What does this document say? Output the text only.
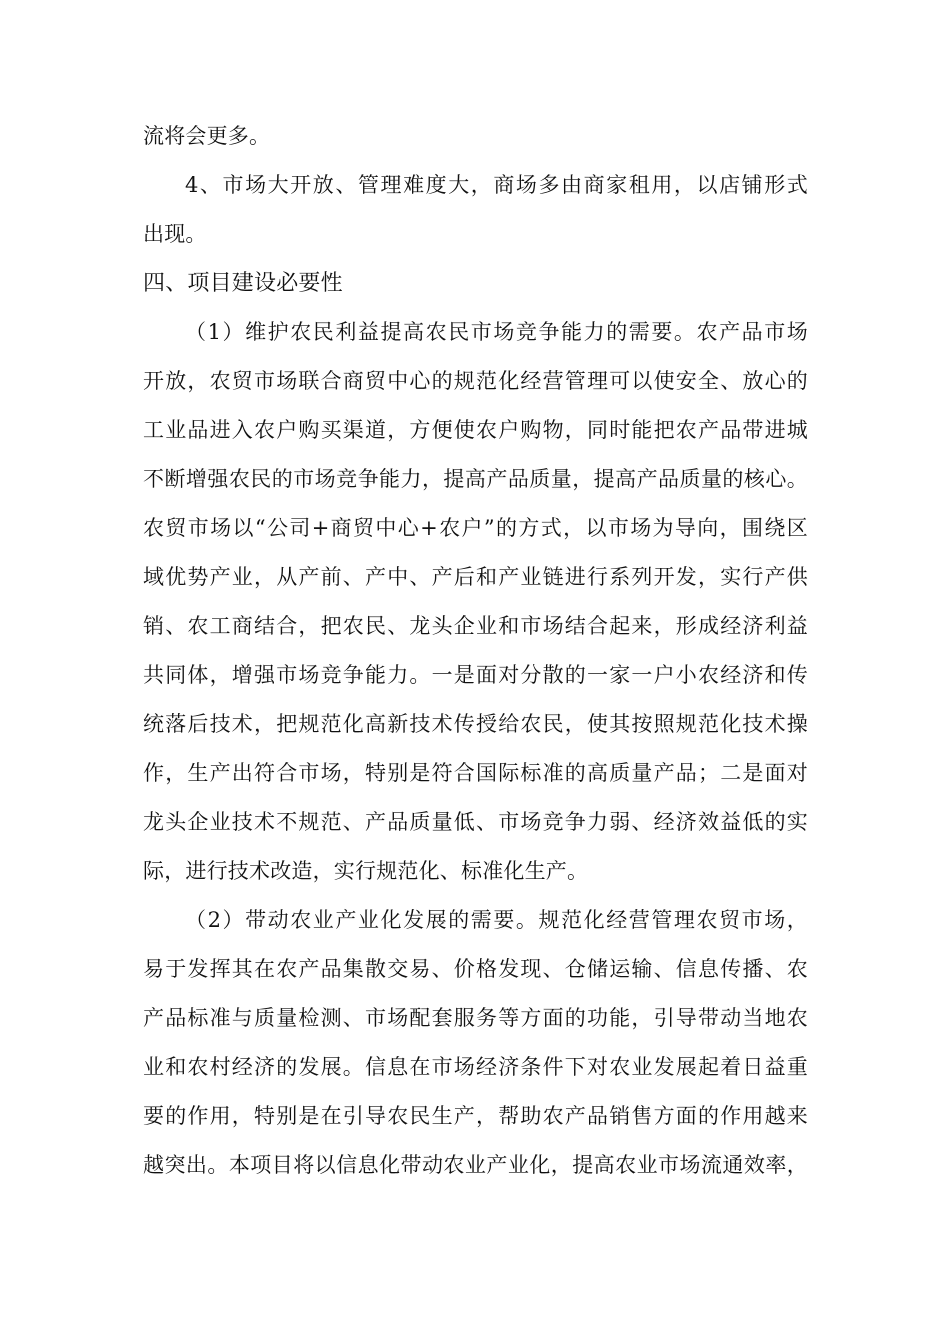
流将会更多。
4、市场大开放、管理难度大，商场多由商家租用，以店铺形式
出现。
四、项目建设必要性
（1）维护农民利益提高农民市场竞争能力的需要。农产品市场
开放，农贸市场联合商贸中心的规范化经营管理可以使安全、放心的
工业品进入农户购买渠道，方便使农户购物，同时能把农产品带进城
不断增强农民的市场竞争能力，提高产品质量，提高产品质量的核心。
农贸市场以“公司+商贸中心+农户”的方式，以市场为导向，围绕区
域优势产业，从产前、产中、产后和产业链进行系列开发，实行产供
销、农工商结合，把农民、龙头企业和市场结合起来，形成经济利益
共同体，增强市场竞争能力。一是面对分散的一家一户小农经济和传
统落后技术，把规范化高新技术传授给农民，使其按照规范化技术操
作，生产出符合市场，特别是符合国际标准的高质量产品；二是面对
龙头企业技术不规范、产品质量低、市场竞争力弱、经济效益低的实
际，进行技术改造，实行规范化、标准化生产。
（2）带动农业产业化发展的需要。规范化经营管理农贸市场，
易于发挥其在农产品集散交易、价格发现、仓储运输、信息传播、农
产品标准与质量检测、市场配套服务等方面的功能，引导带动当地农
业和农村经济的发展。信息在市场经济条件下对农业发展起着日益重
要的作用，特别是在引导农民生产，帮助农产品销售方面的作用越来
越突出。本项目将以信息化带动农业产业化，提高农业市场流通效率，
